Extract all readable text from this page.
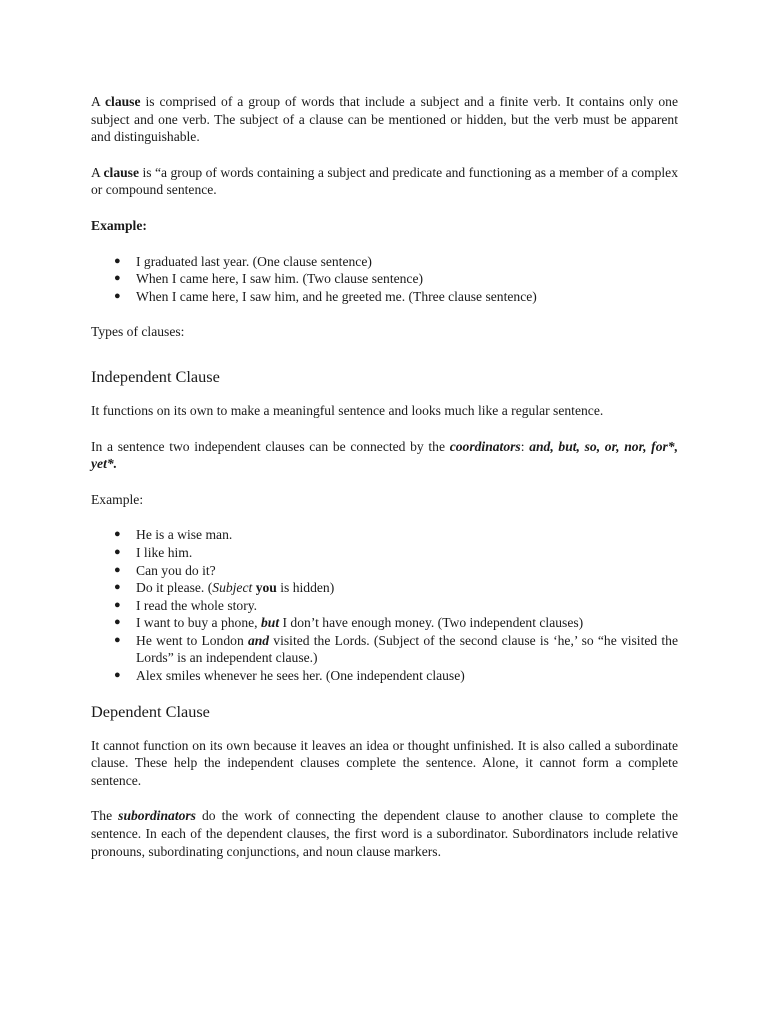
A clause is comprised of a group of words that include a subject and a finite verb. It contains only one subject and one verb. The subject of a clause can be mentioned or hidden, but the verb must be apparent and distinguishable.

A clause is “a group of words containing a subject and predicate and functioning as a member of a complex or compound sentence.

Example:

● I graduated last year. (One clause sentence)
● When I came here, I saw him. (Two clause sentence)
● When I came here, I saw him, and he greeted me. (Three clause sentence)

Types of clauses:

Independent Clause

It functions on its own to make a meaningful sentence and looks much like a regular sentence.

In a sentence two independent clauses can be connected by the coordinators: and, but, so, or, nor, for*, yet*.

Example:

● He is a wise man.
● I like him.
● Can you do it?
● Do it please. (Subject you is hidden)
● I read the whole story.
● I want to buy a phone, but I don’t have enough money. (Two independent clauses)
● He went to London and visited the Lords. (Subject of the second clause is ‘he,’ so “he visited the Lords” is an independent clause.)
● Alex smiles whenever he sees her. (One independent clause)
Dependent Clause

It cannot function on its own because it leaves an idea or thought unfinished. It is also called a subordinate clause. These help the independent clauses complete the sentence. Alone, it cannot form a complete sentence.

The subordinators do the work of connecting the dependent clause to another clause to complete the sentence. In each of the dependent clauses, the first word is a subordinator. Subordinators include relative pronouns, subordinating conjunctions, and noun clause markers.
